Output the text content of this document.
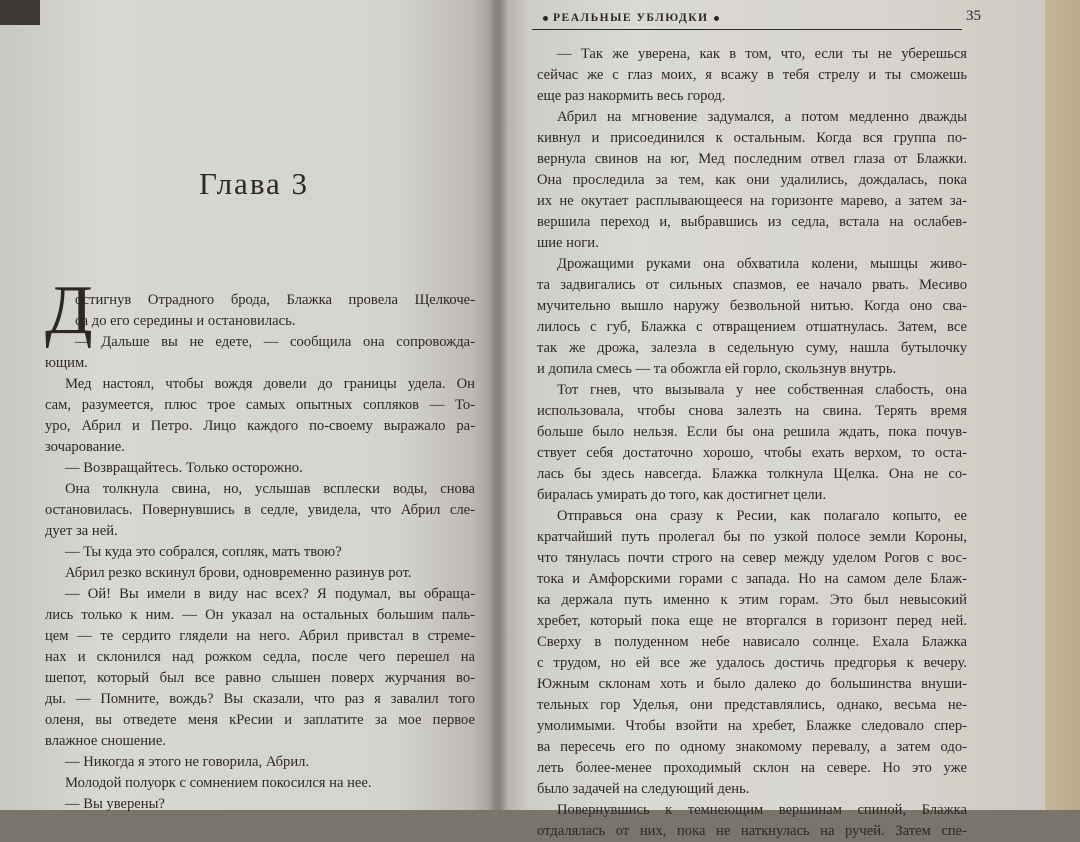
РЕАЛЬНЫЕ УБЛЮДКИ	35
Глава 3
Д
остигнув Отрадного брода, Блажка провела Щелкоче-
са до его середины и остановилась.
— Дальше вы не едете, — сообщила она сопровожда-
ющим.
Мед настоял, чтобы вождя довели до границы удела. Он
сам, разумеется, плюс трое самых опытных сопляков — То-
уро, Абрил и Петро. Лицо каждого по-своему выражало ра-
зочарование.
— Возвращайтесь. Только осторожно.
Она толкнула свина, но, услышав всплески воды, снова
остановилась. Повернувшись в седле, увидела, что Абрил сле-
дует за ней.
— Ты куда это собрался, сопляк, мать твою?
Абрил резко вскинул брови, одновременно разинув рот.
— Ой! Вы имели в виду нас всех? Я подумал, вы обраща-
лись только к ним. — Он указал на остальных большим паль-
цем — те сердито глядели на него. Абрил привстал в стреме-
нах и склонился над рожком седла, после чего перешел на
шепот, который был все равно слышен поверх журчания во-
ды. — Помните, вождь? Вы сказали, что раз я завалил того
оленя, вы отведете меня кРесии и заплатите за мое первое
влажное сношение.
— Никогда я этого не говорила, Абрил.
Молодой полуорк с сомнением покосился на нее.
— Вы уверены?
— Так же уверена, как в том, что, если ты не уберешься
сейчас же с глаз моих, я всажу в тебя стрелу и ты сможешь
еще раз накормить весь город.
Абрил на мгновение задумался, а потом медленно дважды
кивнул и присоединился к остальным. Когда вся группа по-
вернула свинов на юг, Мед последним отвел глаза от Блажки.
Она проследила за тем, как они удалились, дождалась, пока
их не окутает расплывающееся на горизонте марево, а затем за-
вершила переход и, выбравшись из седла, встала на ослабев-
шие ноги.
Дрожащими руками она обхватила колени, мышцы живо-
та задвигались от сильных спазмов, ее начало рвать. Месиво
мучительно вышло наружу безвольной нитью. Когда оно сва-
лилось с губ, Блажка с отвращением отшатнулась. Затем, все
так же дрожа, залезла в седельную суму, нашла бутылочку
и допила смесь — та обожгла ей горло, скользнув внутрь.
Тот гнев, что вызывала у нее собственная слабость, она
использовала, чтобы снова залезть на свина. Терять время
больше было нельзя. Если бы она решила ждать, пока почув-
ствует себя достаточно хорошо, чтобы ехать верхом, то оста-
лась бы здесь навсегда. Блажка толкнула Щелка. Она не со-
биралась умирать до того, как достигнет цели.
Отправься она сразу к Ресии, как полагало копыто, ее
кратчайший путь пролегал бы по узкой полосе земли Короны,
что тянулась почти строго на север между уделом Рогов с вос-
тока и Амфорскими горами с запада. Но на самом деле Блаж-
ка держала путь именно к этим горам. Это был невысокий
хребет, который пока еще не вторгался в горизонт перед ней.
Сверху в полуденном небе нависало солнце. Ехала Блажка
с трудом, но ей все же удалось достичь предгорья к вечеру.
Южным склонам хоть и было далеко до большинства внуши-
тельных гор Уделья, они представлялись, однако, весьма не-
умолимыми. Чтобы взойти на хребет, Блажке следовало спер-
ва пересечь его по одному знакомому перевалу, а затем одо-
леть более-менее проходимый склон на севере. Но это уже
было задачей на следующий день.
Повернувшись к темнеющим вершинам спиной, Блажка
отдалялась от них, пока не наткнулась на ручей. Затем спе-
